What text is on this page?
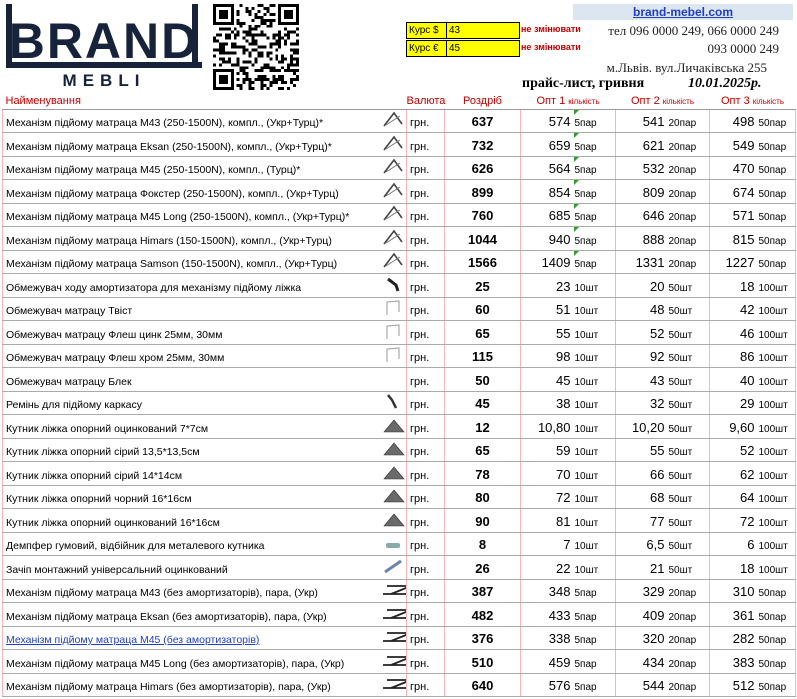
BRAND
MEBLI
Курс $	43	не змінювати
Курс €	45	не змінювати
brand-mebel.com
тел 096 0000 249, 066 0000 249
093 0000 249
м.Львів. вул.Личаківська 255
прайс-лист, гривня	10.01.2025р.
Найменування		Валюта	Роздріб	Опт 1 кількість		Опт 2 кількість		Опт 3 кількість	
Механізм підйому матраца М43 (250-1500N), компл., (Укр+Турц)*		грн.	637	574	5пар	541	20пар	498	50пар
Механізм підйому матраца Eksan (250-1500N), компл., (Укр+Турц)*		грн.	732	659	5пар	621	20пар	549	50пар
Механізм підйому матраца М45 (250-1500N), компл., (Турц)*		грн.	626	564	5пар	532	20пар	470	50пар
Механізм підйому матраца Фокстер (250-1500N), компл., (Укр+Турц)		грн.	899	854	5пар	809	20пар	674	50пар
Механізм підйому матраца М45 Long (250-1500N), компл., (Укр+Турц)*		грн.	760	685	5пар	646	20пар	571	50пар
Механізм підйому матраца Himars (150-1500N), компл., (Укр+Турц)		грн.	1044	940	5пар	888	20пар	815	50пар
Механізм підйому матраца Samson (150-1500N), компл., (Укр+Турц)		грн.	1566	1409	5пар	1331	20пар	1227	50пар
Обмежувач ходу амортизатора для механізму підйому ліжка		грн.	25	23	10шт	20	50шт	18	100шт
Обмежувач матрацу Твіст		грн.	60	51	10шт	48	50шт	42	100шт
Обмежувач матрацу Флеш цинк 25мм, 30мм		грн.	65	55	10шт	52	50шт	46	100шт
Обмежувач матрацу Флеш хром 25мм, 30мм		грн.	115	98	10шт	92	50шт	86	100шт
Обмежувач матрацу Блек		грн.	50	45	10шт	43	50шт	40	100шт
Ремінь для підйому каркасу		грн.	45	38	10шт	32	50шт	29	100шт
Кутник ліжка опорний оцинкований 7*7см		грн.	12	10,80	10шт	10,20	50шт	9,60	100шт
Кутник ліжка опорний сірий 13,5*13,5см		грн.	65	59	10шт	55	50шт	52	100шт
Кутник ліжка опорний сірий 14*14см		грн.	78	70	10шт	66	50шт	62	100шт
Кутник ліжка опорний чорний 16*16см		грн.	80	72	10шт	68	50шт	64	100шт
Кутник ліжка опорний оцинкований 16*16см		грн.	90	81	10шт	77	50шт	72	100шт
Демпфер гумовий, відбійник для металевого кутника		грн.	8	7	10шт	6,5	50шт	6	100шт
Зачіп монтажний універсальний оцинкований		грн.	26	22	10шт	21	50шт	18	100шт
Механізм підйому матраца М43 (без амортизаторів), пара, (Укр)		грн.	387	348	5пар	329	20пар	310	50пар
Механізм підйому матраца Eksan (без амортизаторів), пара, (Укр)		грн.	482	433	5пар	409	20пар	361	50пар
Механізм підйому матраца М45 (без амортизаторів)		грн.	376	338	5пар	320	20пар	282	50пар
Механізм підйому матраца М45 Long (без амортизаторів), пара, (Укр)		грн.	510	459	5пар	434	20пар	383	50пар
Механізм підйому матраца Himars (без амортизаторів), пара, (Укр)		грн.	640	576	5пар	544	20пар	512	50пар
